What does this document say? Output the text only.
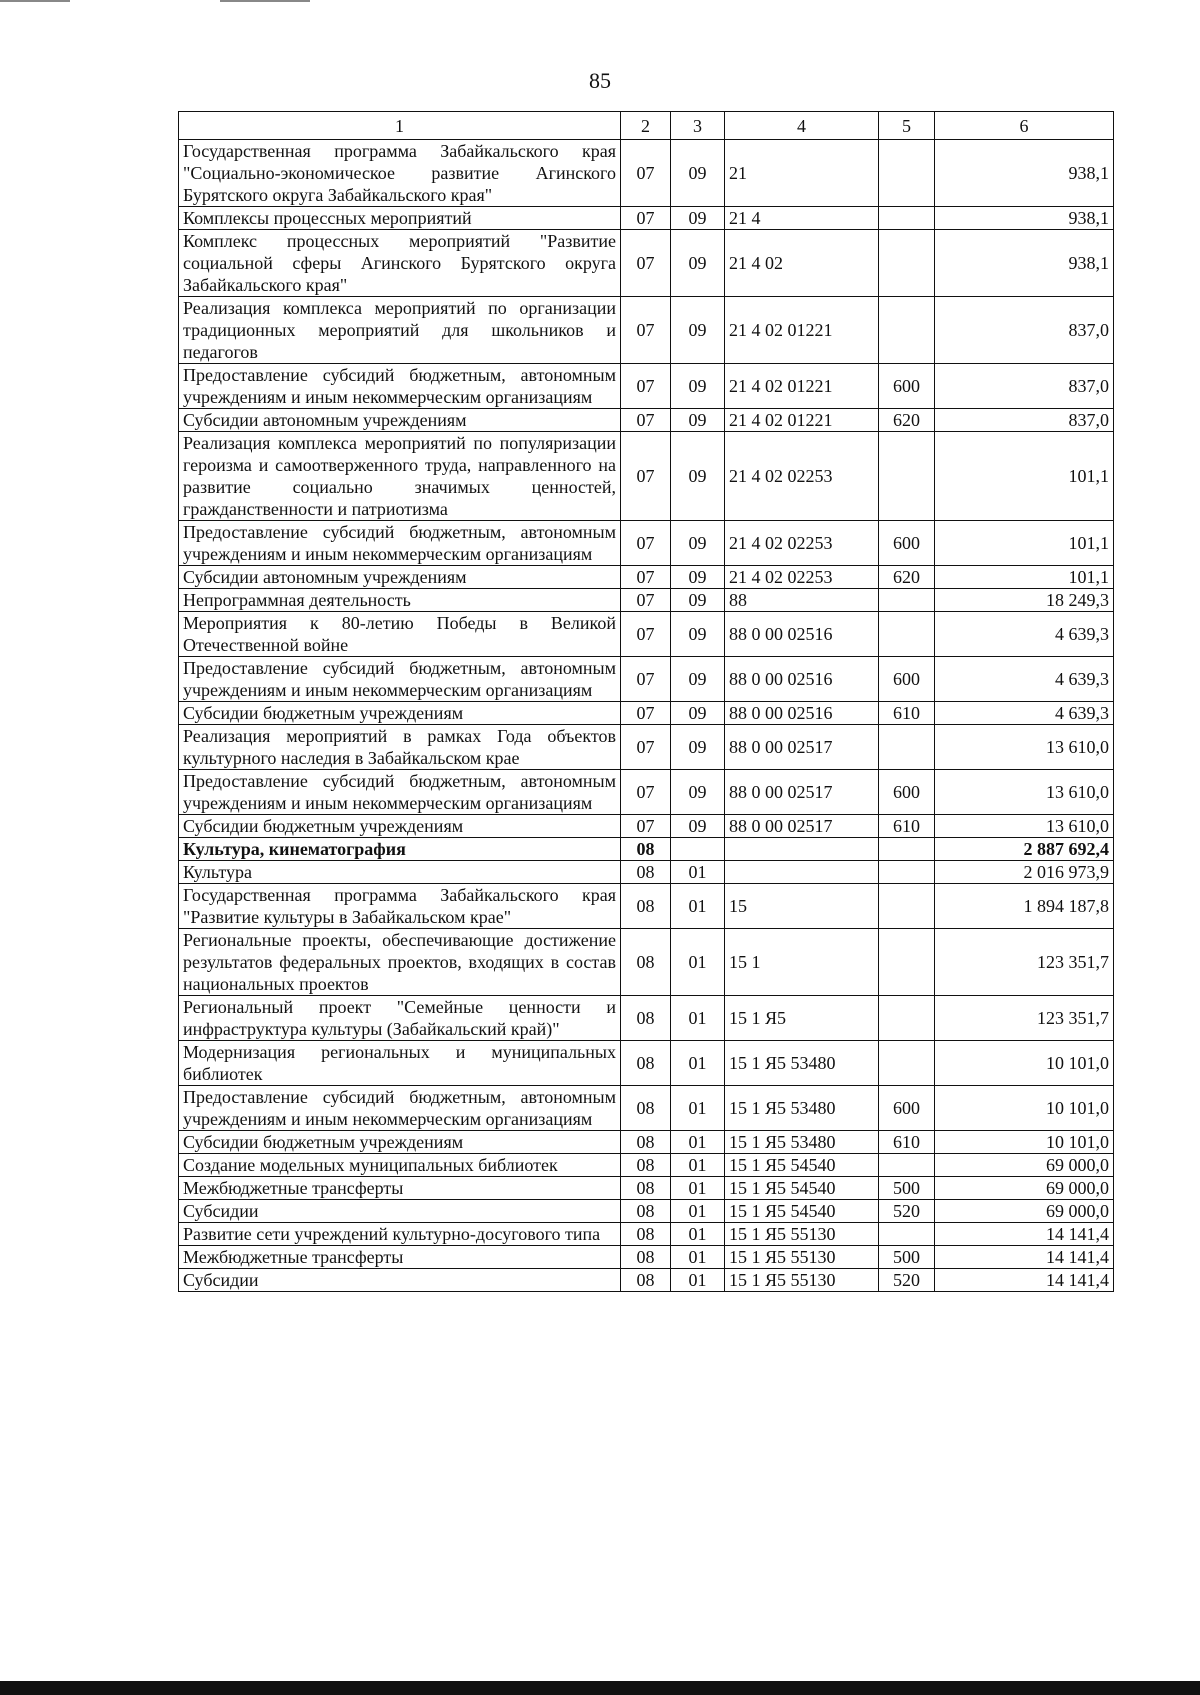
85
1	2	3	4	5	6
Государственная программа Забайкальского края "Социально-экономическое развитие Агинского Бурятского округа Забайкальского края"	07	09	21		938,1
Комплексы процессных мероприятий	07	09	21 4		938,1
Комплекс процессных мероприятий "Развитие социальной сферы Агинского Бурятского округа Забайкальского края"	07	09	21 4 02		938,1
Реализация комплекса мероприятий по организации традиционных мероприятий для школьников и педагогов	07	09	21 4 02 01221		837,0
Предоставление субсидий бюджетным, автономным учреждениям и иным некоммерческим организациям	07	09	21 4 02 01221	600	837,0
Субсидии автономным учреждениям	07	09	21 4 02 01221	620	837,0
Реализация комплекса мероприятий по популяризации героизма и самоотверженного труда, направленного на развитие социально значимых ценностей, гражданственности и патриотизма	07	09	21 4 02 02253		101,1
Предоставление субсидий бюджетным, автономным учреждениям и иным некоммерческим организациям	07	09	21 4 02 02253	600	101,1
Субсидии автономным учреждениям	07	09	21 4 02 02253	620	101,1
Непрограммная деятельность	07	09	88		18 249,3
Мероприятия к 80-летию Победы в Великой Отечественной войне	07	09	88 0 00 02516		4 639,3
Предоставление субсидий бюджетным, автономным учреждениям и иным некоммерческим организациям	07	09	88 0 00 02516	600	4 639,3
Субсидии бюджетным учреждениям	07	09	88 0 00 02516	610	4 639,3
Реализация мероприятий в рамках Года объектов культурного наследия в Забайкальском крае	07	09	88 0 00 02517		13 610,0
Предоставление субсидий бюджетным, автономным учреждениям и иным некоммерческим организациям	07	09	88 0 00 02517	600	13 610,0
Субсидии бюджетным учреждениям	07	09	88 0 00 02517	610	13 610,0
Культура, кинематография	08				2 887 692,4
Культура	08	01			2 016 973,9
Государственная программа Забайкальского края "Развитие культуры в Забайкальском крае"	08	01	15		1 894 187,8
Региональные проекты, обеспечивающие достижение результатов федеральных проектов, входящих в состав национальных проектов	08	01	15 1		123 351,7
Региональный проект "Семейные ценности и инфраструктура культуры (Забайкальский край)"	08	01	15 1 Я5		123 351,7
Модернизация региональных и муниципальных библиотек	08	01	15 1 Я5 53480		10 101,0
Предоставление субсидий бюджетным, автономным учреждениям и иным некоммерческим организациям	08	01	15 1 Я5 53480	600	10 101,0
Субсидии бюджетным учреждениям	08	01	15 1 Я5 53480	610	10 101,0
Создание модельных муниципальных библиотек	08	01	15 1 Я5 54540		69 000,0
Межбюджетные трансферты	08	01	15 1 Я5 54540	500	69 000,0
Субсидии	08	01	15 1 Я5 54540	520	69 000,0
Развитие сети учреждений культурно-досугового типа	08	01	15 1 Я5 55130		14 141,4
Межбюджетные трансферты	08	01	15 1 Я5 55130	500	14 141,4
Субсидии	08	01	15 1 Я5 55130	520	14 141,4
